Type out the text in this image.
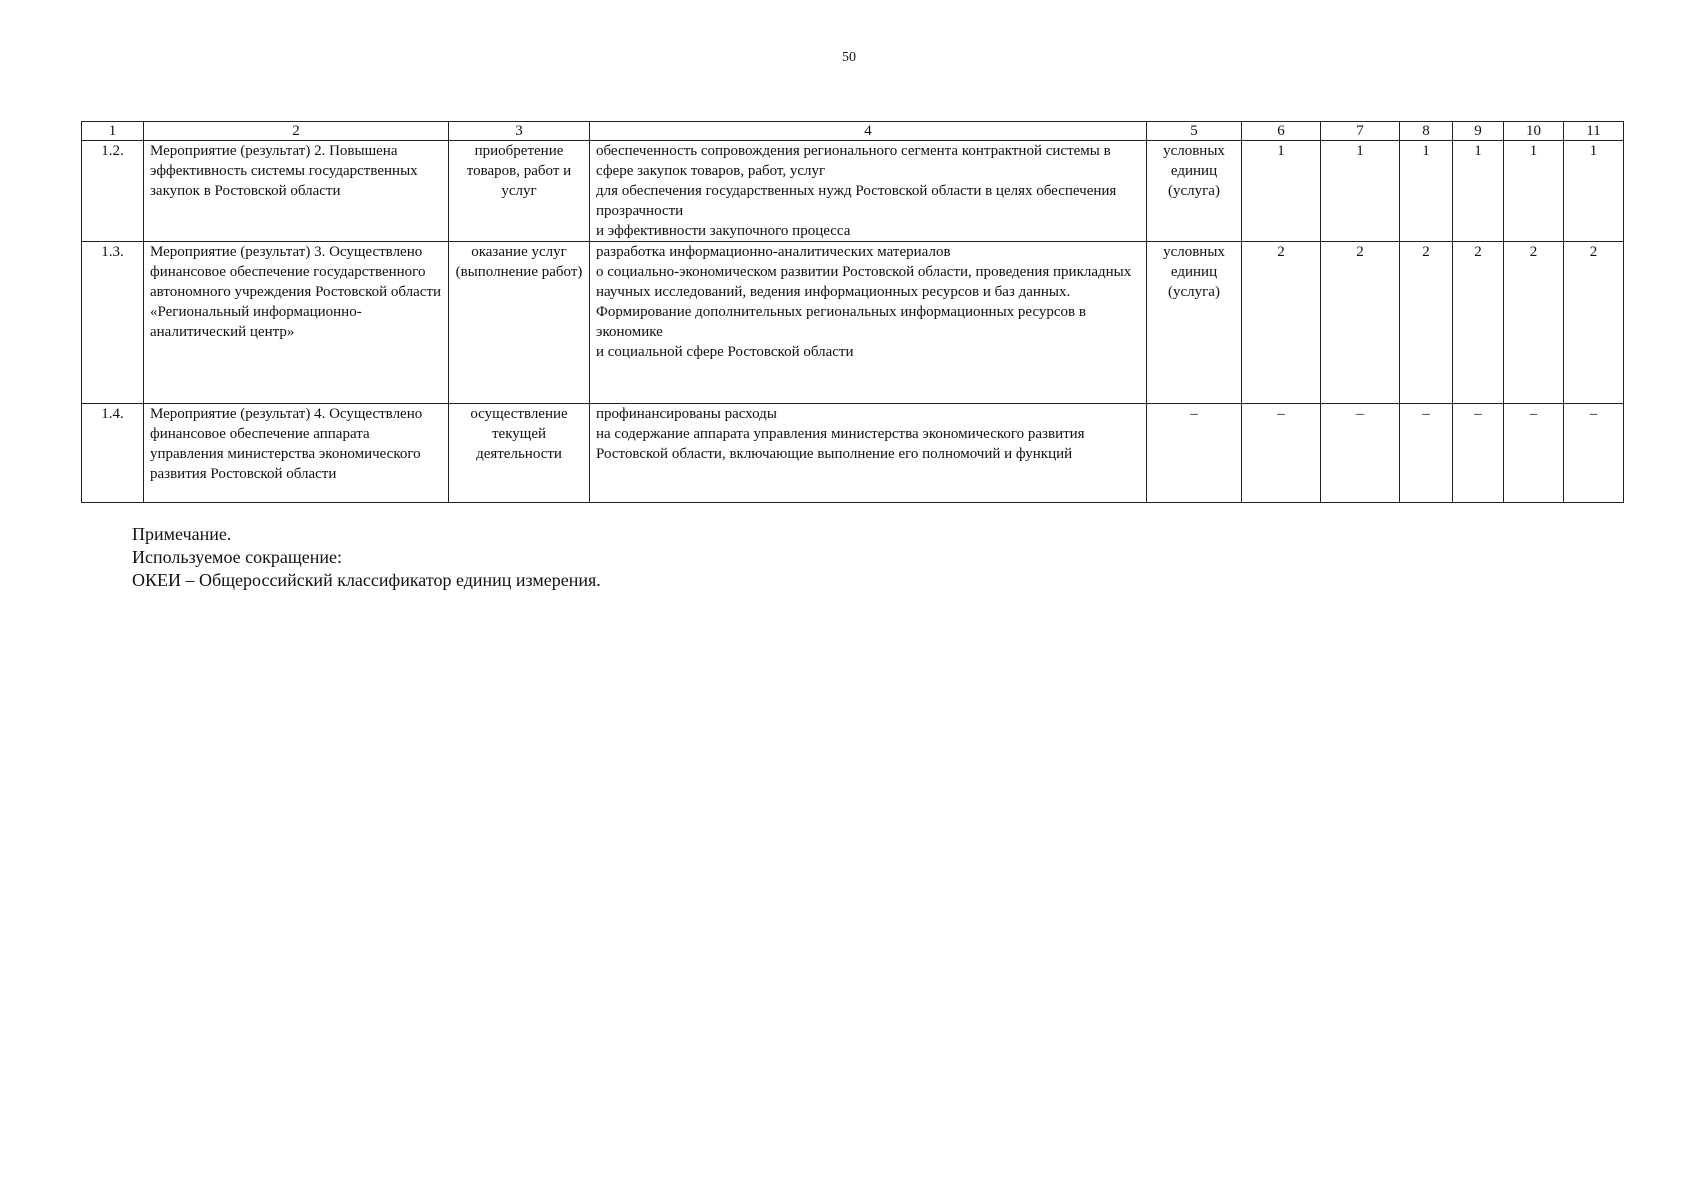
50
1	2	3	4	5	6	7	8	9	10	11
1.2.	Мероприятие (результат) 2. Повышена эффективность системы государственных закупок в Ростовской области	приобретение товаров, работ и услуг	обеспеченность сопровождения регионального сегмента контрактной системы в сфере закупок товаров, работ, услуг
для обеспечения государственных нужд Ростовской области в целях обеспечения прозрачности
и эффективности закупочного процесса	условных единиц (услуга)	1	1	1	1	1	1
1.3.	Мероприятие (результат) 3. Осуществлено финансовое обеспечение государственного автономного учреждения Ростовской области «Региональный информационно-аналитический центр»	оказание услуг (выполнение работ)	разработка информационно-аналитических материалов
о социально-экономическом развитии Ростовской области, проведения прикладных научных исследований, ведения информационных ресурсов и баз данных.
Формирование дополнительных региональных информационных ресурсов в экономике
и социальной сфере Ростовской области	условных единиц (услуга)	2	2	2	2	2	2
1.4.	Мероприятие (результат) 4. Осуществлено финансовое обеспечение аппарата управления министерства экономического развития Ростовской области	осуществление текущей деятельности	профинансированы расходы
на содержание аппарата управления министерства экономического развития Ростовской области, включающие выполнение его полномочий и функций	–	–	–	–	–	–	–
Примечание.
Используемое сокращение:
ОКЕИ – Общероссийский классификатор единиц измерения.
